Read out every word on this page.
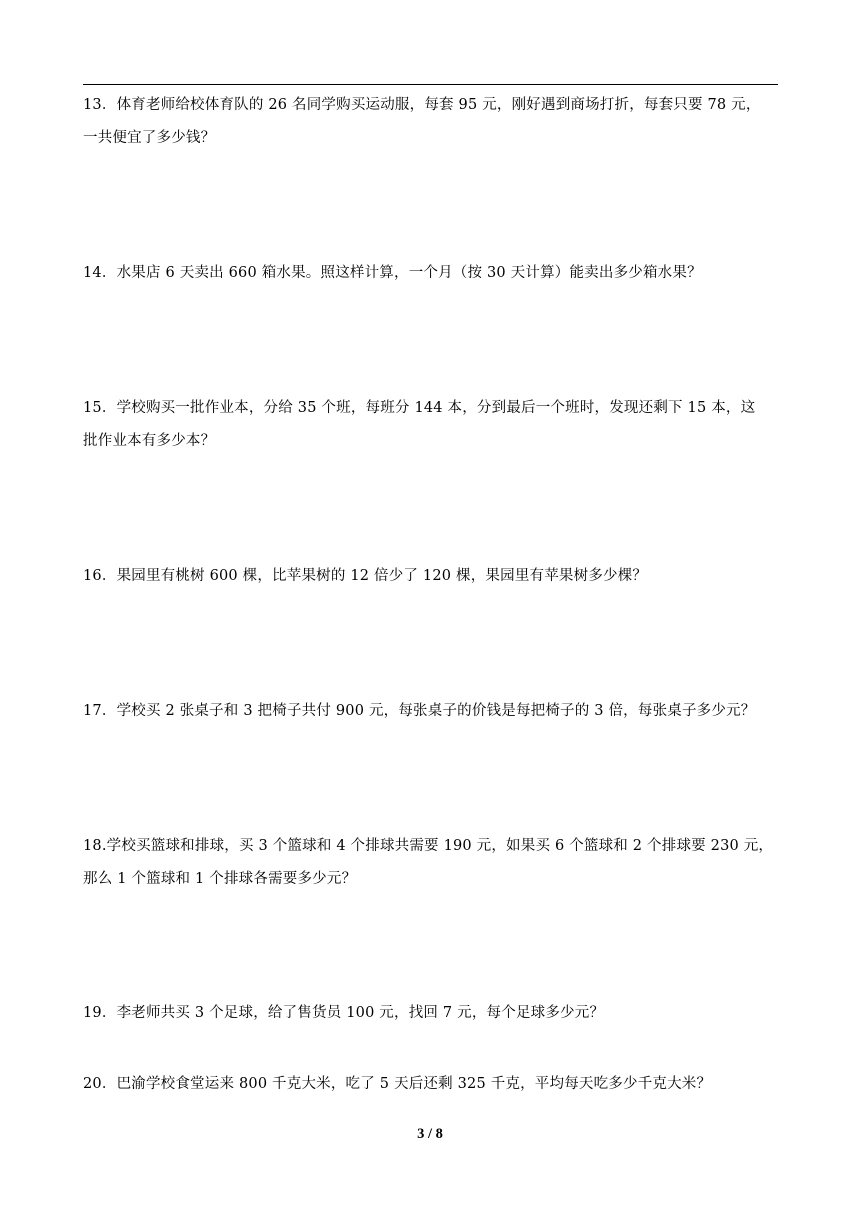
13．体育老师给校体育队的 26 名同学购买运动服，每套 95 元，刚好遇到商场打折，每套只要 78 元，
一共便宜了多少钱？
14．水果店 6 天卖出 660 箱水果。照这样计算，一个月（按 30 天计算）能卖出多少箱水果？
15．学校购买一批作业本，分给 35 个班，每班分 144 本，分到最后一个班时，发现还剩下 15 本，这
批作业本有多少本？
16．果园里有桃树 600 棵，比苹果树的 12 倍少了 120 棵，果园里有苹果树多少棵？
17．学校买 2 张桌子和 3 把椅子共付 900 元，每张桌子的价钱是每把椅子的 3 倍，每张桌子多少元？
18.学校买篮球和排球，买 3 个篮球和 4 个排球共需要 190 元，如果买 6 个篮球和 2 个排球要 230 元，
那么 1 个篮球和 1 个排球各需要多少元？
19．李老师共买 3 个足球，给了售货员 100 元，找回 7 元，每个足球多少元？
20．巴渝学校食堂运来 800 千克大米，吃了 5 天后还剩 325 千克，平均每天吃多少千克大米？
3 / 8
